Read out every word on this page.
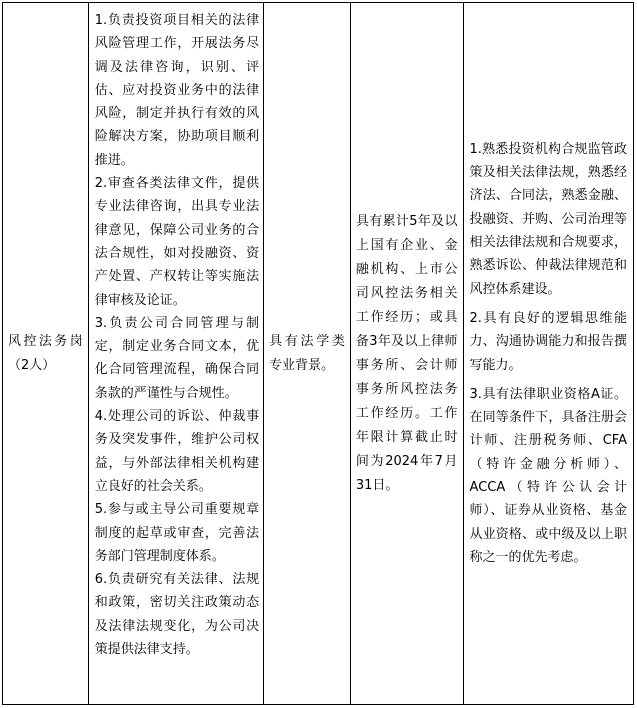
风控法务岗（2人）

1.负责投资项目相关的法律风险管理工作，开展法务尽调及法律咨询，识别、评估、应对投资业务中的法律风险，制定并执行有效的风险解决方案，协助项目顺利推进。

2.审查各类法律文件，提供专业法律咨询，出具专业法律意见，保障公司业务的合法合规性，如对投融资、资产处置、产权转让等实施法律审核及论证。

3.负责公司合同管理与制定，制定业务合同文本，优化合同管理流程，确保合同条款的严谨性与合规性。

4.处理公司的诉讼、仲裁事务及突发事件，维护公司权益，与外部法律相关机构建立良好的社会关系。

5.参与或主导公司重要规章制度的起草或审查，完善法务部门管理制度体系。

6.负责研究有关法律、法规和政策，密切关注政策动态及法律法规变化，为公司决策提供法律支持。

具有法学类专业背景。

具有累计5年及以上国有企业、金融机构、上市公司风控法务相关工作经历；或具备3年及以上律师事务所、会计师事务所风控法务工作经历。工作年限计算截止时间为2024年7月31日。

1.熟悉投资机构合规监管政策及相关法律法规，熟悉经济法、合同法，熟悉金融、投融资、并购、公司治理等相关法律法规和合规要求，熟悉诉讼、仲裁法律规范和风控体系建设。

2.具有良好的逻辑思维能力、沟通协调能力和报告撰写能力。

3.具有法律职业资格A证。在同等条件下，具备注册会计师、注册税务师、CFA（特许金融分析师）、ACCA（特许公认会计师）、证券从业资格、基金从业资格、或中级及以上职称之一的优先考虑。
